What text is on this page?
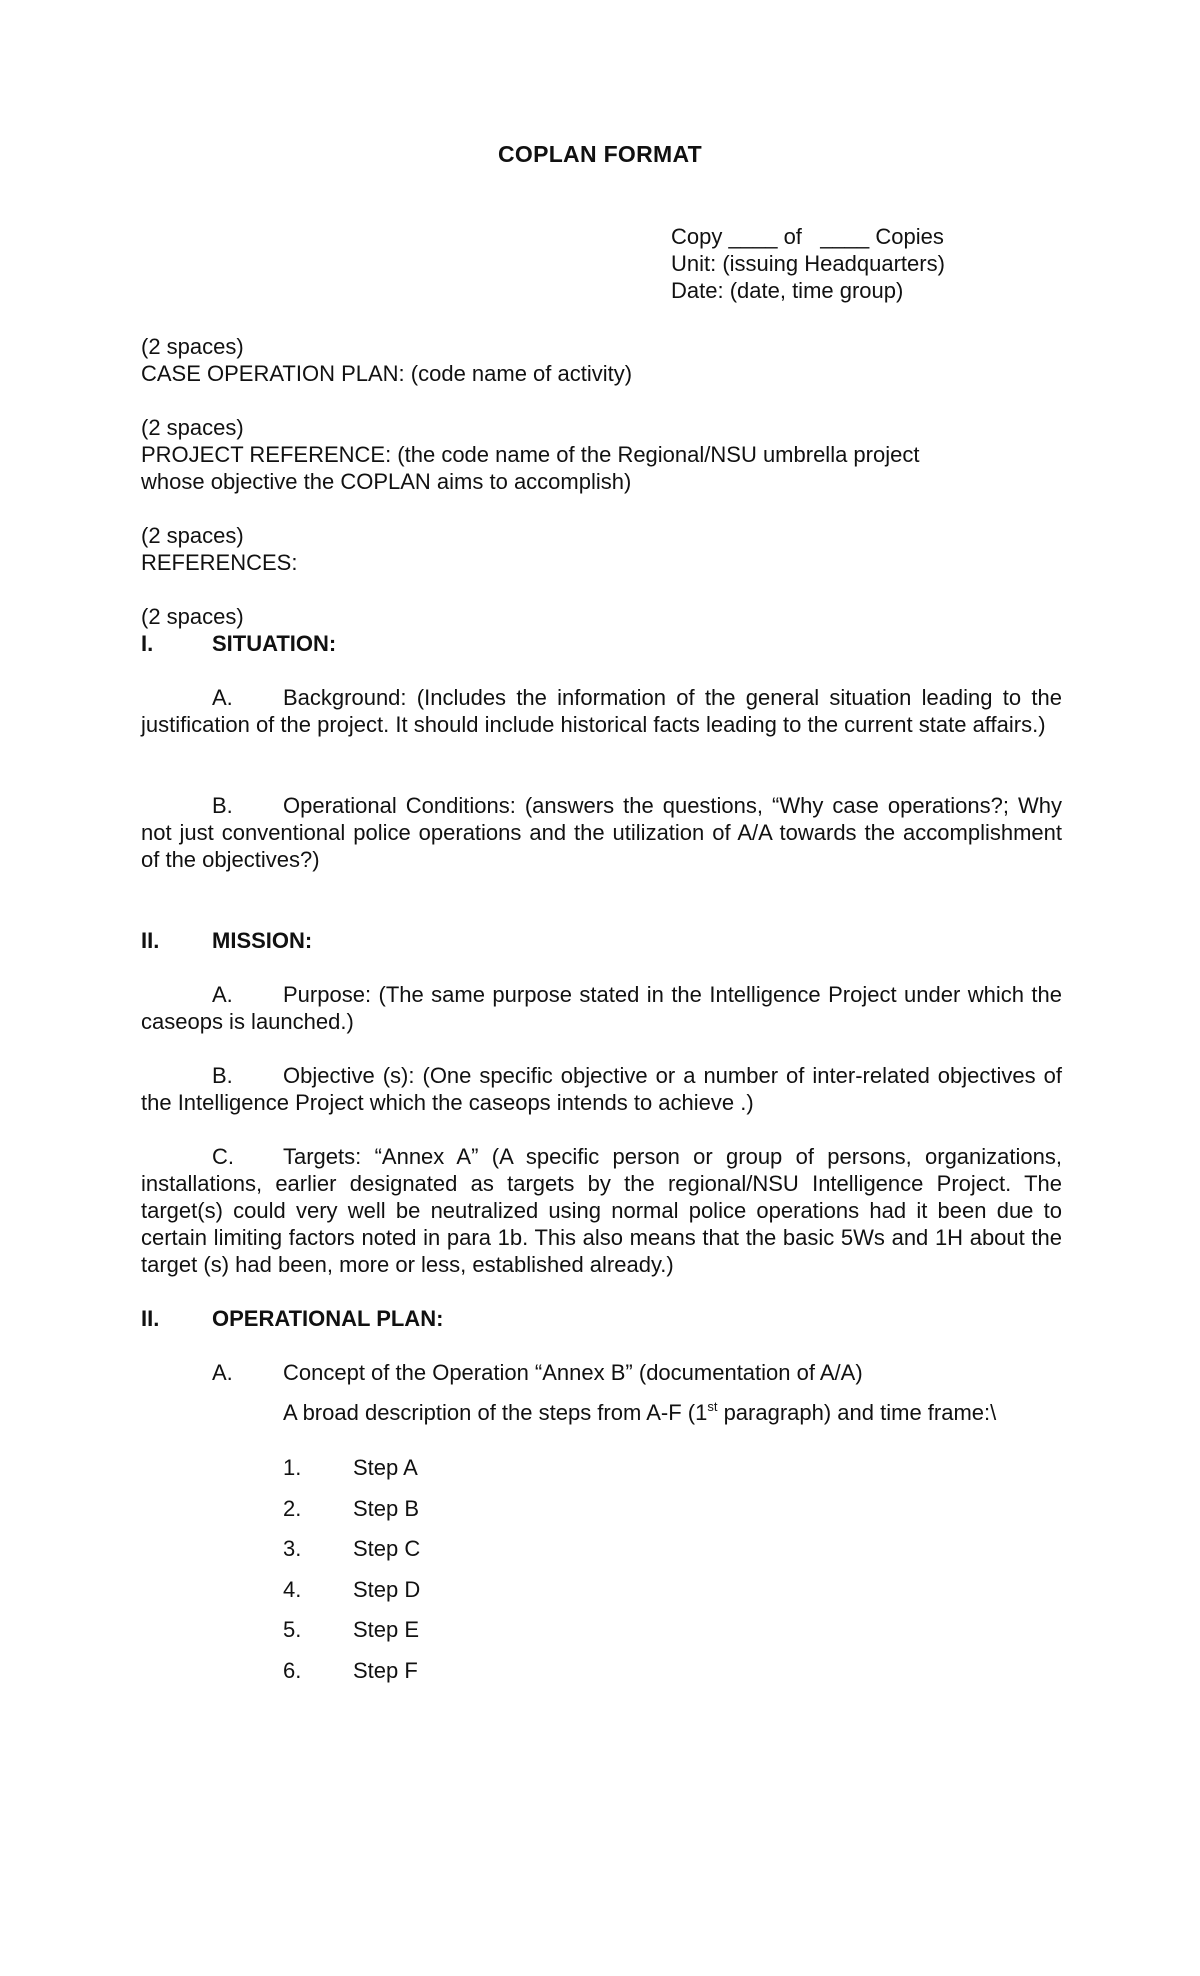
COPLAN FORMAT
Copy ____ of   ____ Copies
Unit: (issuing Headquarters)
Date: (date, time group)
(2 spaces)
CASE OPERATION PLAN: (code name of activity)
(2 spaces)
PROJECT REFERENCE: (the code name of the Regional/NSU umbrella project
whose objective the COPLAN aims to accomplish)
(2 spaces)
REFERENCES:
(2 spaces)
I.	SITUATION:
A. Background: (Includes the information of the general situation leading to the justification of the project. It should include historical facts leading to the current state affairs.)
B. Operational Conditions: (answers the questions, “Why case operations?; Why not just conventional police operations and the utilization of A/A towards the accomplishment of the objectives?)
II. MISSION:
A. Purpose: (The same purpose stated in the Intelligence Project under which the caseops is launched.)
B. Objective (s): (One specific objective or a number of inter-related objectives of the Intelligence Project which the caseops intends to achieve .)
C. Targets: “Annex A” (A specific person or group of persons, organizations, installations, earlier designated as targets by the regional/NSU Intelligence Project. The target(s) could very well be neutralized using normal police operations had it been due to certain limiting factors noted in para 1b. This also means that the basic 5Ws and 1H about the target (s) had been, more or less, established already.)
II. OPERATIONAL PLAN:
A. Concept of the Operation “Annex B” (documentation of A/A)
A broad description of the steps from A-F (1st paragraph) and time frame:\
1. Step A
2. Step B
3. Step C
4. Step D
5. Step E
6. Step F
